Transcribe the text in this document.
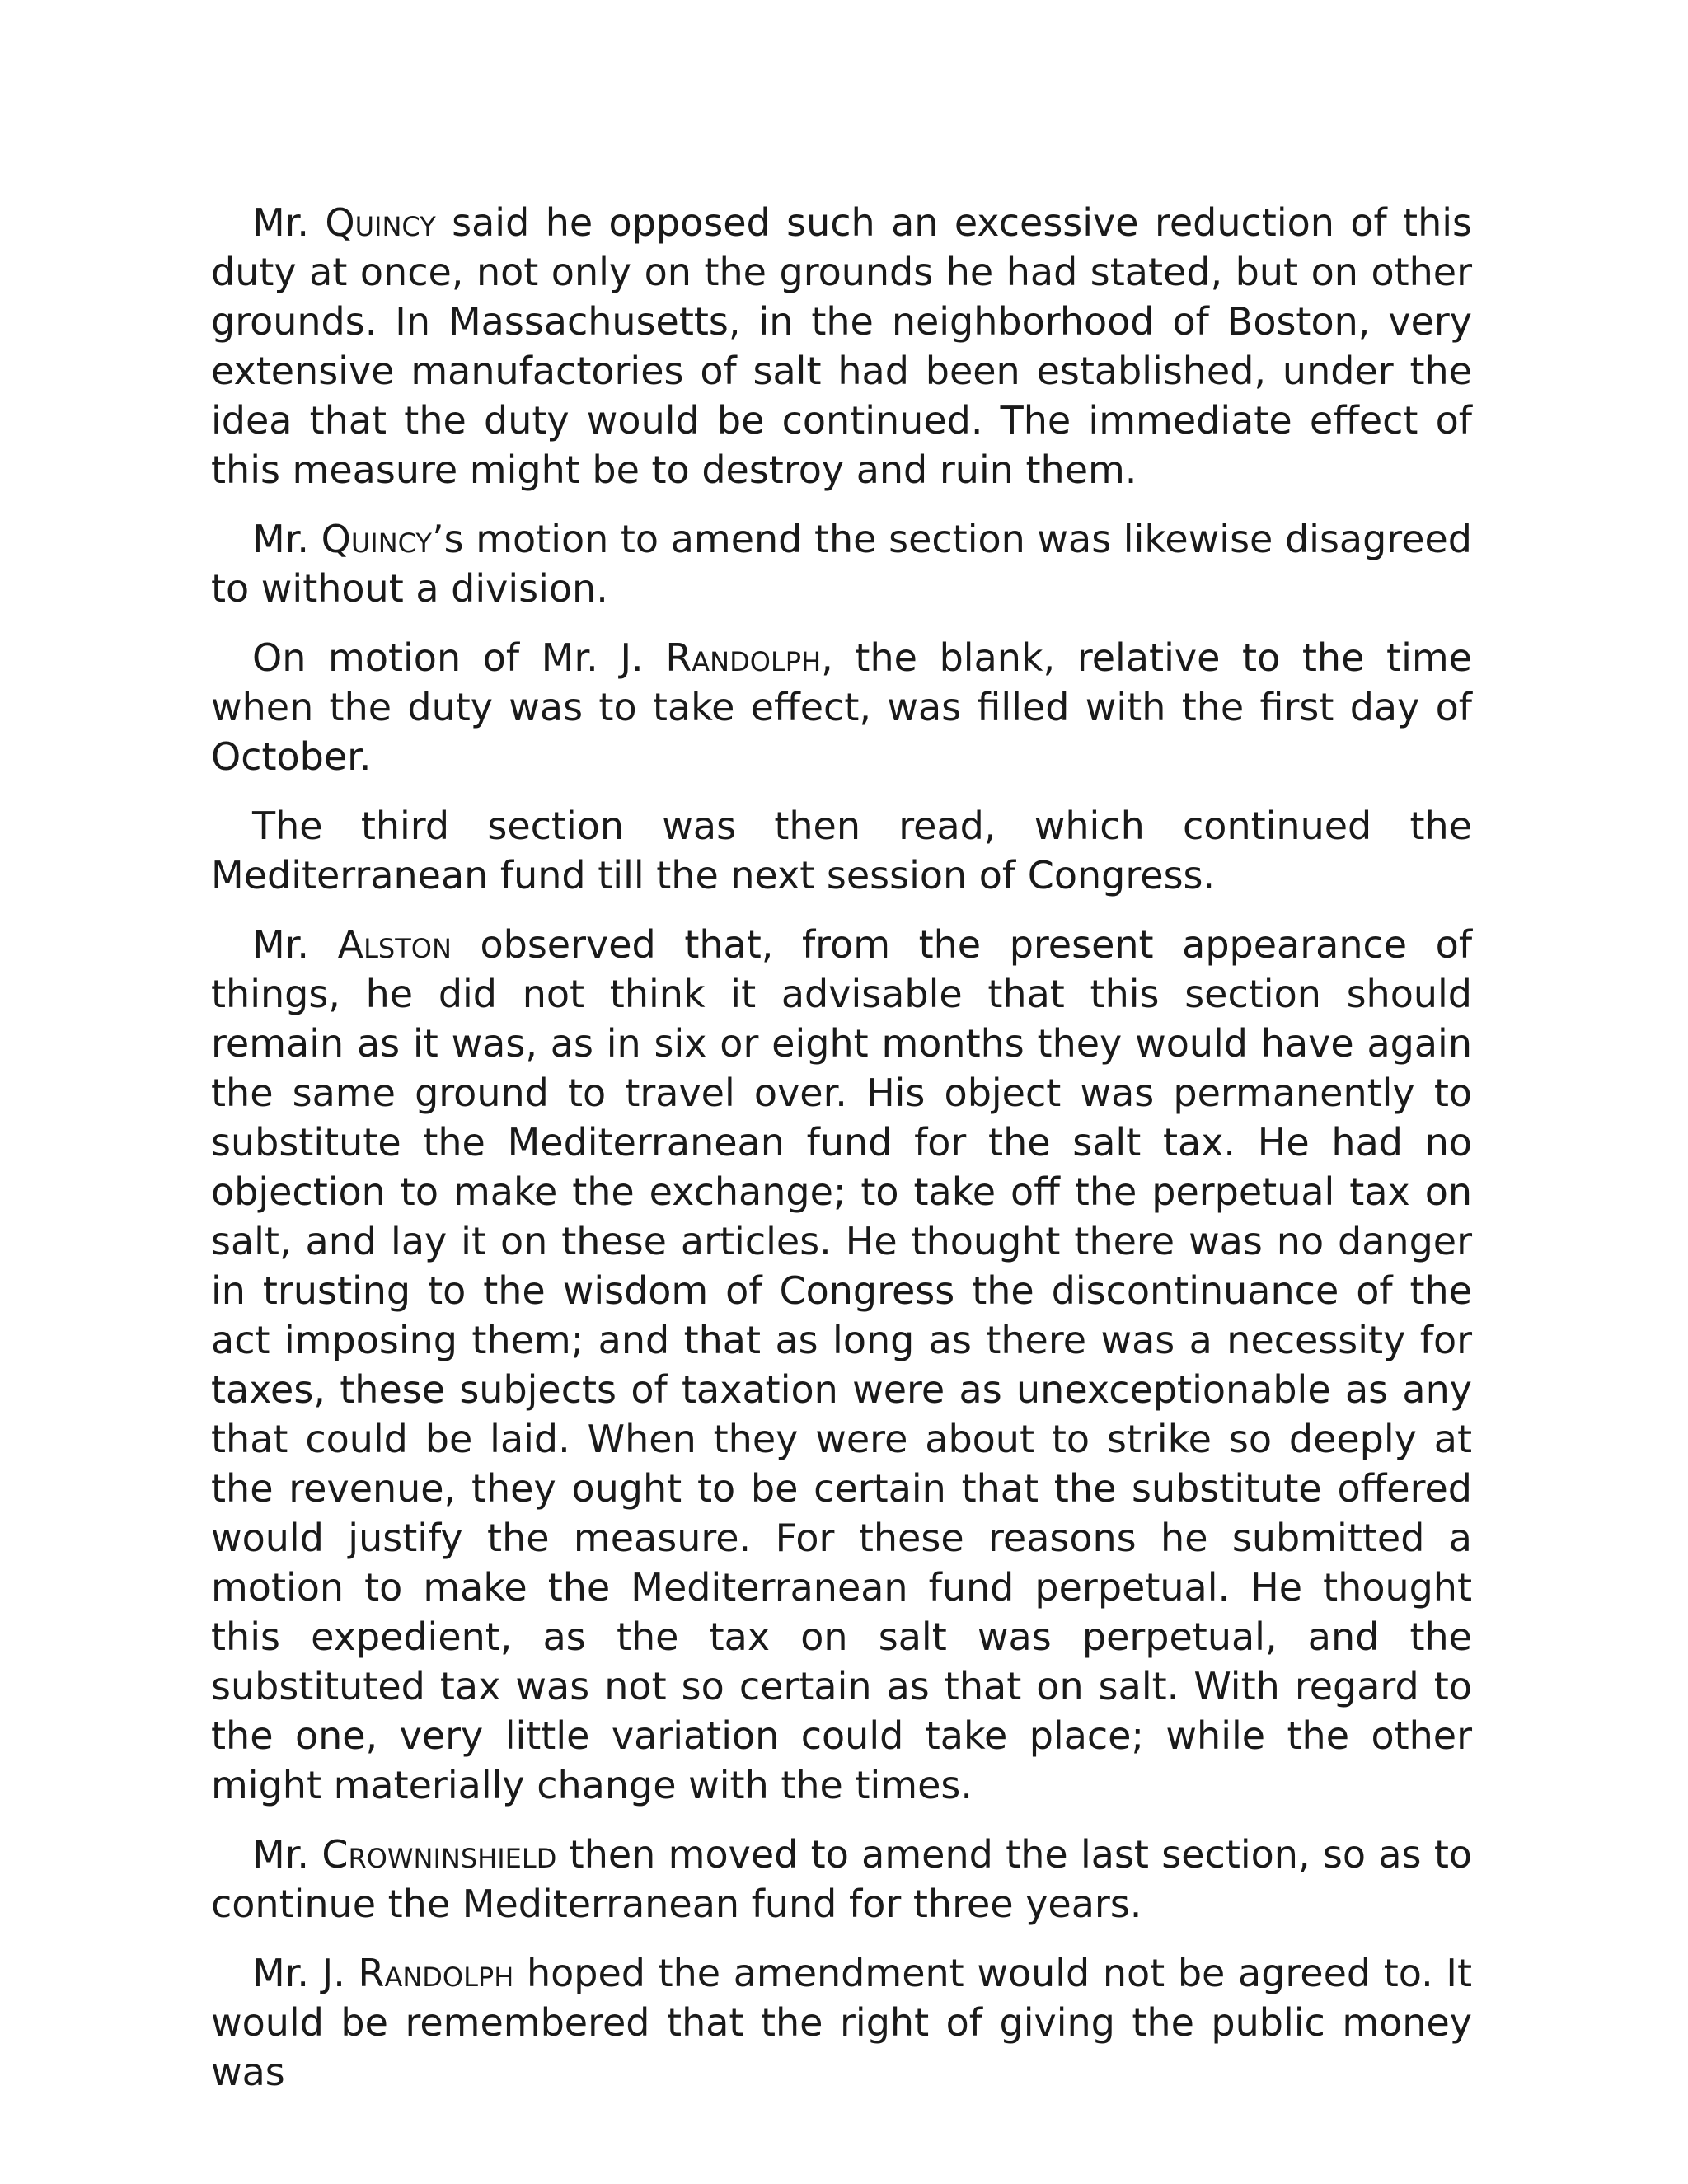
Mr. Quincy said he opposed such an excessive reduction of this duty at once, not only on the grounds he had stated, but on other grounds. In Massachusetts, in the neighborhood of Boston, very extensive manufactories of salt had been established, under the idea that the duty would be continued. The immediate effect of this measure might be to destroy and ruin them.

Mr. Quincy’s motion to amend the section was likewise disagreed to without a division.

On motion of Mr. J. Randolph, the blank, relative to the time when the duty was to take effect, was filled with the first day of October.

The third section was then read, which continued the Mediterranean fund till the next session of Congress.

Mr. Alston observed that, from the present appearance of things, he did not think it advisable that this section should remain as it was, as in six or eight months they would have again the same ground to travel over. His object was permanently to substitute the Mediterranean fund for the salt tax. He had no objection to make the exchange; to take off the perpetual tax on salt, and lay it on these articles. He thought there was no danger in trusting to the wisdom of Congress the discontinuance of the act imposing them; and that as long as there was a necessity for taxes, these subjects of taxation were as unexceptionable as any that could be laid. When they were about to strike so deeply at the revenue, they ought to be certain that the substitute offered would justify the measure. For these reasons he submitted a motion to make the Mediterranean fund perpetual. He thought this expedient, as the tax on salt was perpetual, and the substituted tax was not so certain as that on salt. With regard to the one, very little variation could take place; while the other might materially change with the times.

Mr. Crowninshield then moved to amend the last section, so as to continue the Mediterranean fund for three years.

Mr. J. Randolph hoped the amendment would not be agreed to. It would be remembered that the right of giving the public money was
